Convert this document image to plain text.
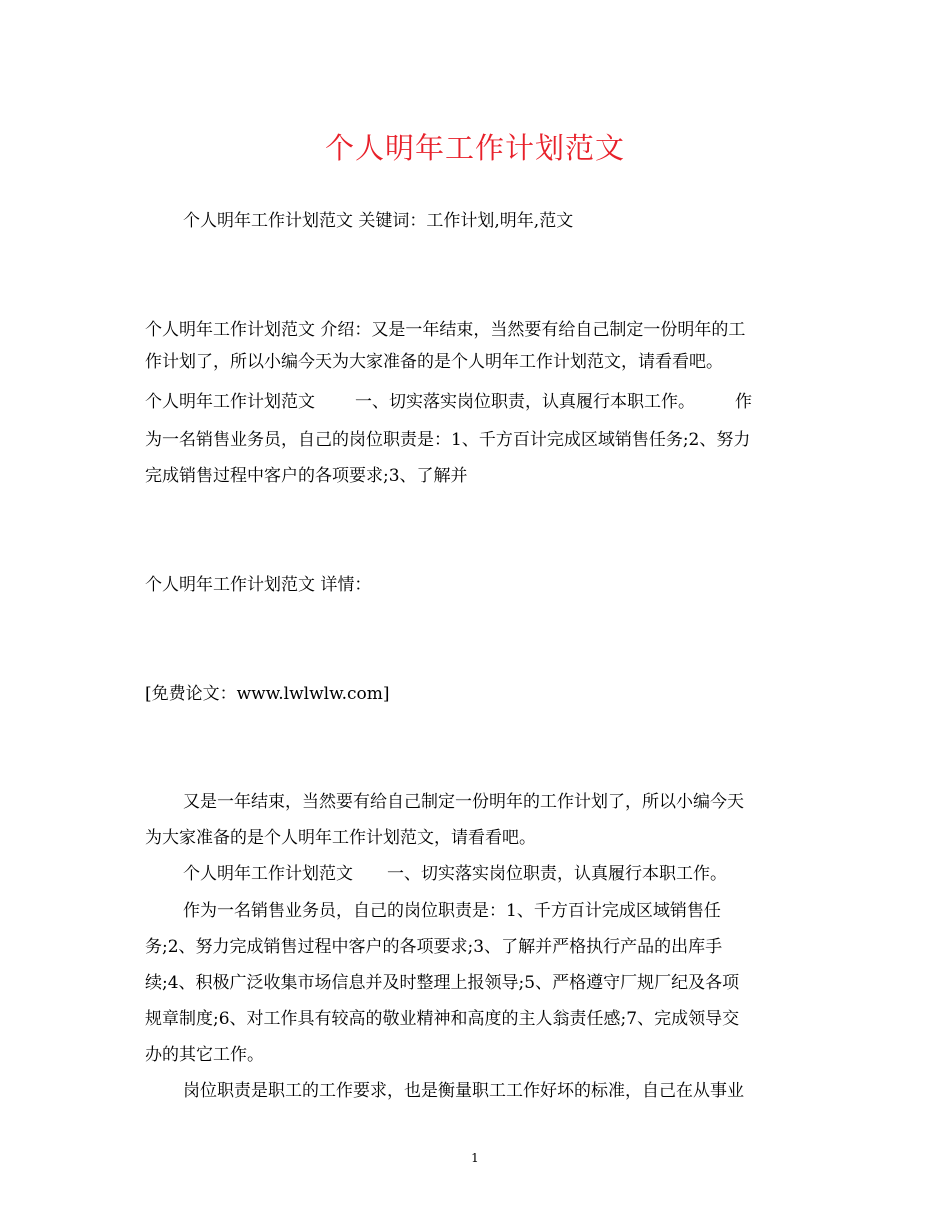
个人明年工作计划范文
个人明年工作计划范文 关键词：工作计划,明年,范文
个人明年工作计划范文 介绍：又是一年结束，当然要有给自己制定一份明年的工
作计划了，所以小编今天为大家准备的是个人明年工作计划范文，请看看吧。
个人明年工作计划范文 一、切实落实岗位职责，认真履行本职工作。 作
为一名销售业务员，自己的岗位职责是：1、千方百计完成区域销售任务;2、努力
完成销售过程中客户的各项要求;3、了解并
个人明年工作计划范文 详情：
[免费论文：www.lwlwlw.com]
又是一年结束，当然要有给自己制定一份明年的工作计划了，所以小编今天
为大家准备的是个人明年工作计划范文，请看看吧。
个人明年工作计划范文 一、切实落实岗位职责，认真履行本职工作。
作为一名销售业务员，自己的岗位职责是：1、千方百计完成区域销售任
务;2、努力完成销售过程中客户的各项要求;3、了解并严格执行产品的出库手
续;4、积极广泛收集市场信息并及时整理上报领导;5、严格遵守厂规厂纪及各项
规章制度;6、对工作具有较高的敬业精神和高度的主人翁责任感;7、完成领导交
办的其它工作。
岗位职责是职工的工作要求，也是衡量职工工作好坏的标准，自己在从事业
1
